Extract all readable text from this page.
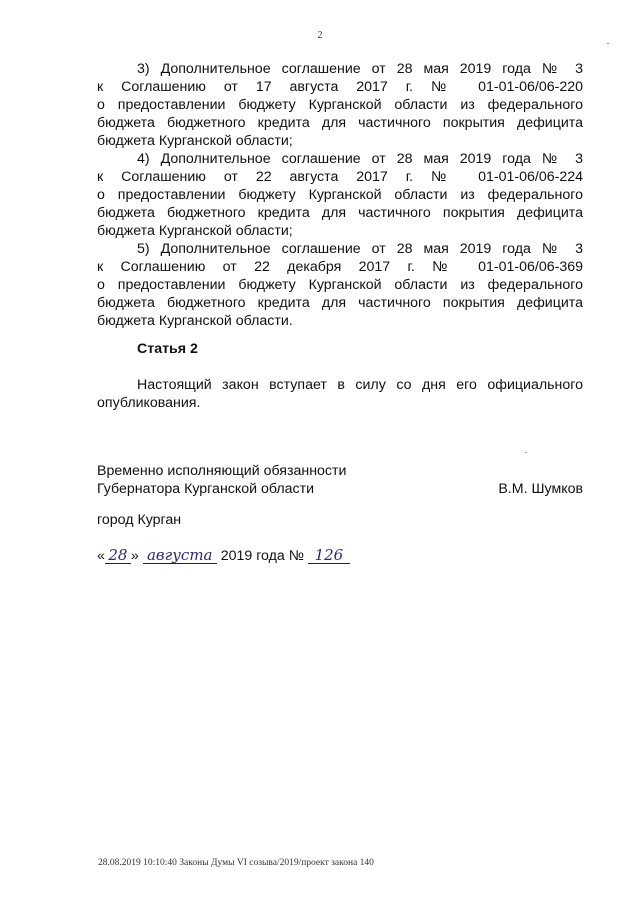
2
3) Дополнительное соглашение от 28 мая 2019 года № 3
к Соглашению от 17 августа 2017 г. № 01-01-06/06-220
о предоставлении бюджету Курганской области из федерального
бюджета бюджетного кредита для частичного покрытия дефицита
бюджета Курганской области;
4) Дополнительное соглашение от 28 мая 2019 года № 3
к Соглашению от 22 августа 2017 г. № 01-01-06/06-224
о предоставлении бюджету Курганской области из федерального
бюджета бюджетного кредита для частичного покрытия дефицита
бюджета Курганской области;
5) Дополнительное соглашение от 28 мая 2019 года № 3
к Соглашению от 22 декабря 2017 г. № 01-01-06/06-369
о предоставлении бюджету Курганской области из федерального
бюджета бюджетного кредита для частичного покрытия дефицита
бюджета Курганской области.
Статья 2
Настоящий закон вступает в силу со дня его официального
опубликования.
Временно исполняющий обязанности
Губернатора Курганской области	В.М. Шумков
город Курган
« 28 » августа 2019 года № 126
28.08.2019 10:10:40 Законы Думы VI созыва/2019/проект закона 140
